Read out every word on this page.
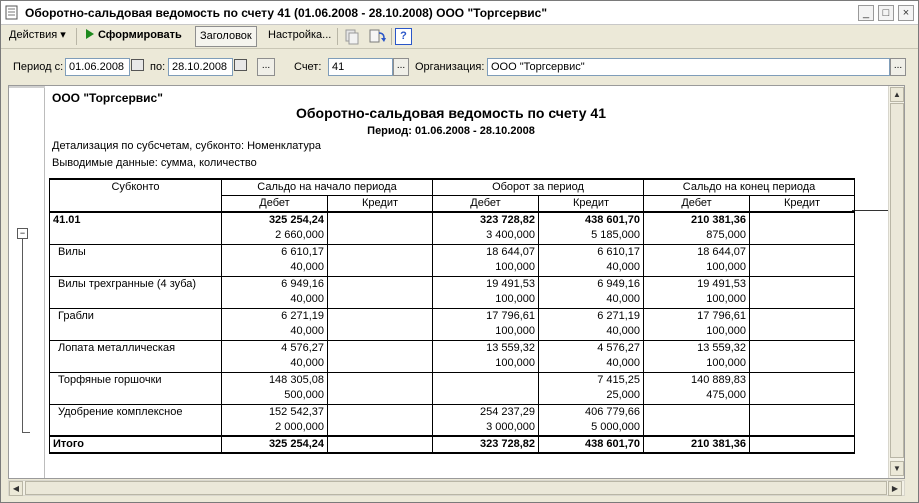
Оборотно-сальдовая ведомость по счету 41 (01.06.2008 - 28.10.2008) ООО "Торгсервис"	_	□	×
Действия ▾	Сформировать	Заголовок	Настройка...	?
Период с: 01.06.2008	по: 28.10.2008	...	Счет: 41	... Организация: ООО "Торгсервис"	...
−
ООО "Торгсервис"
Оборотно-сальдовая ведомость по счету 41
Период: 01.06.2008 - 28.10.2008
Детализация по субсчетам, субконто: Номенклатура
Выводимые данные: сумма, количество
Субконто	Сальдо на начало периода		Оборот за период		Сальдо на конец периода	
	Дебет	Кредит	Дебет	Кредит	Дебет	Кредит
41.01	325 254,24		323 728,82	438 601,70	210 381,36	
	2 660,000		3 400,000	5 185,000	875,000	
Вилы	6 610,17		18 644,07	6 610,17	18 644,07	
	40,000		100,000	40,000	100,000	
Вилы трехгранные (4 зуба)	6 949,16		19 491,53	6 949,16	19 491,53	
	40,000		100,000	40,000	100,000	
Грабли	6 271,19		17 796,61	6 271,19	17 796,61	
	40,000		100,000	40,000	100,000	
Лопата металлическая	4 576,27		13 559,32	4 576,27	13 559,32	
	40,000		100,000	40,000	100,000	
Торфяные горшочки	148 305,08			7 415,25	140 889,83	
	500,000			25,000	475,000	
Удобрение комплексное	152 542,37		254 237,29	406 779,66		
	2 000,000		3 000,000	5 000,000		
Итого	325 254,24		323 728,82	438 601,70	210 381,36	
▲
▼
◀	▶
